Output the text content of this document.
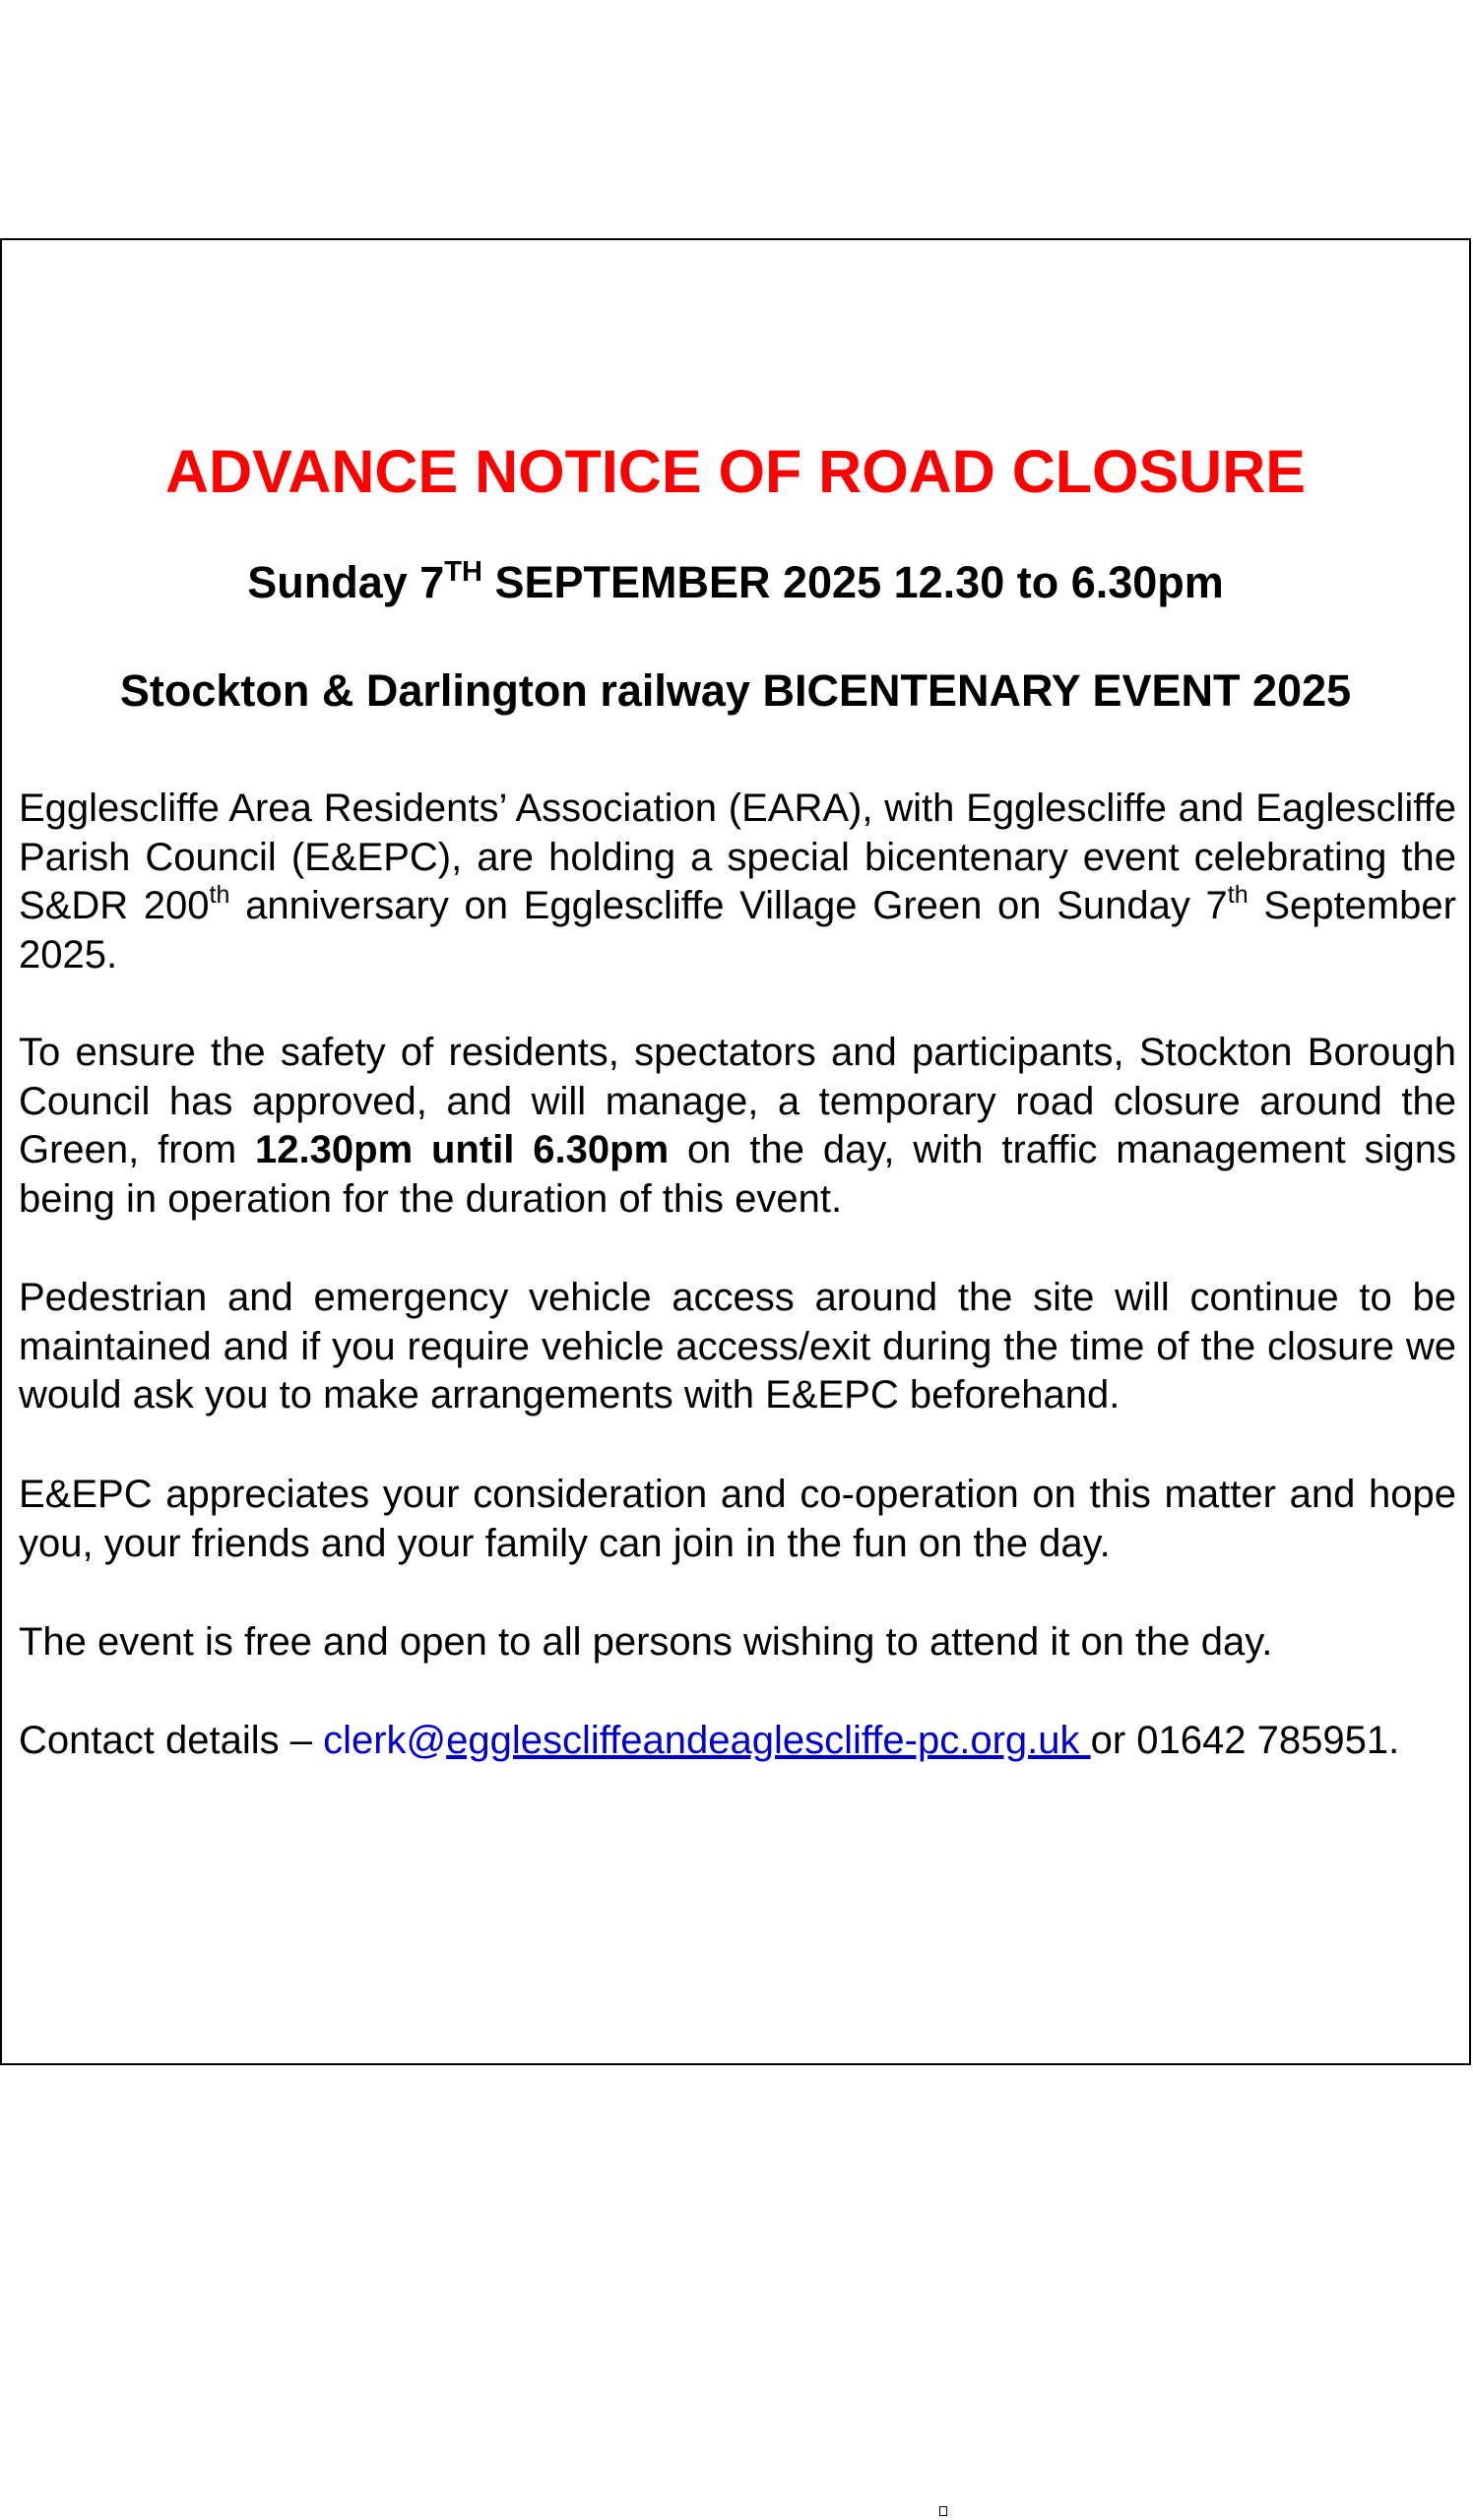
ADVANCE NOTICE OF ROAD CLOSURE
Sunday 7TH SEPTEMBER 2025 12.30 to 6.30pm
Stockton & Darlington railway BICENTENARY EVENT 2025

Egglescliffe Area Residents’ Association (EARA), with Egglescliffe and Eaglescliffe Parish Council (E&EPC), are holding a special bicentenary event celebrating the S&DR 200th anniversary on Egglescliffe Village Green on Sunday 7th September 2025.

To ensure the safety of residents, spectators and participants, Stockton Borough Council has approved, and will manage, a temporary road closure around the Green, from 12.30pm until 6.30pm on the day, with traffic management signs being in operation for the duration of this event.

Pedestrian and emergency vehicle access around the site will continue to be maintained and if you require vehicle access/exit during the time of the closure we would ask you to make arrangements with E&EPC beforehand.

E&EPC appreciates your consideration and co-operation on this matter and hope you, your friends and your family can join in the fun on the day.

The event is free and open to all persons wishing to attend it on the day.

Contact details – clerk@egglescliffeandeaglescliffe-pc.org.uk or 01642 785951.
